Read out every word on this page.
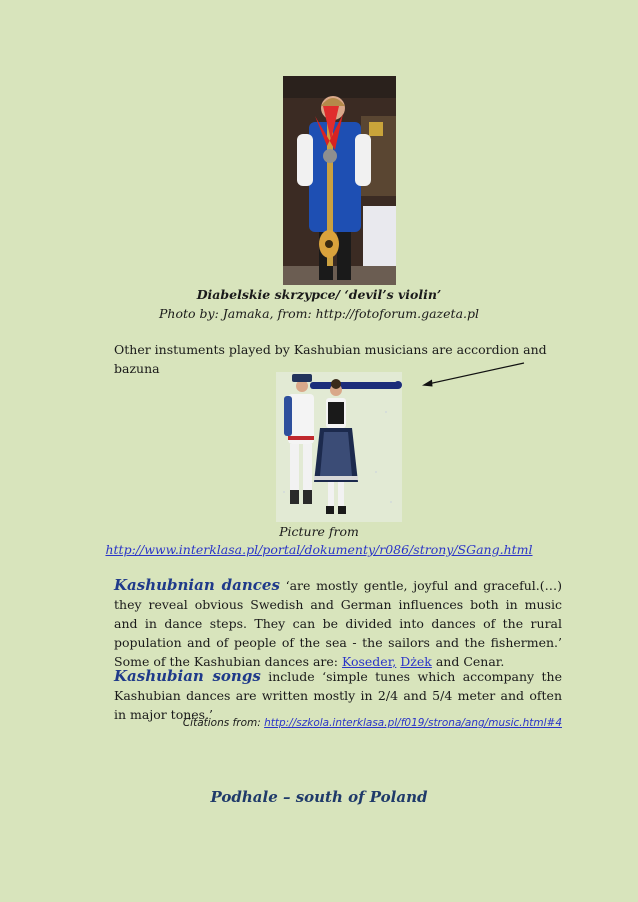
Diabelskie skrzypce/ ‘devil’s violin’
Photo by: Jamaka, from: http://fotoforum.gazeta.pl
Other instuments played by Kashubian musicians are accordion and bazuna
Picture from
http://www.interklasa.pl/portal/dokumenty/r086/strony/SGang.html
Kashubnian dances ‘are mostly gentle, joyful and graceful.(…) they reveal obvious Swedish and German influences both in music and in dance steps. They can be divided into dances of the rural population and of people of the sea - the sailors and the fishermen.’ Some of the Kashubian dances are: Koseder, Dżek and Cenar.
Kashubian songs include ‘simple tunes which accompany the Kashubian dances are written mostly in 2/4 and 5/4 meter and often in major tones.’
Citations from: http://szkola.interklasa.pl/f019/strona/ang/music.html#4
Podhale – south of Poland
